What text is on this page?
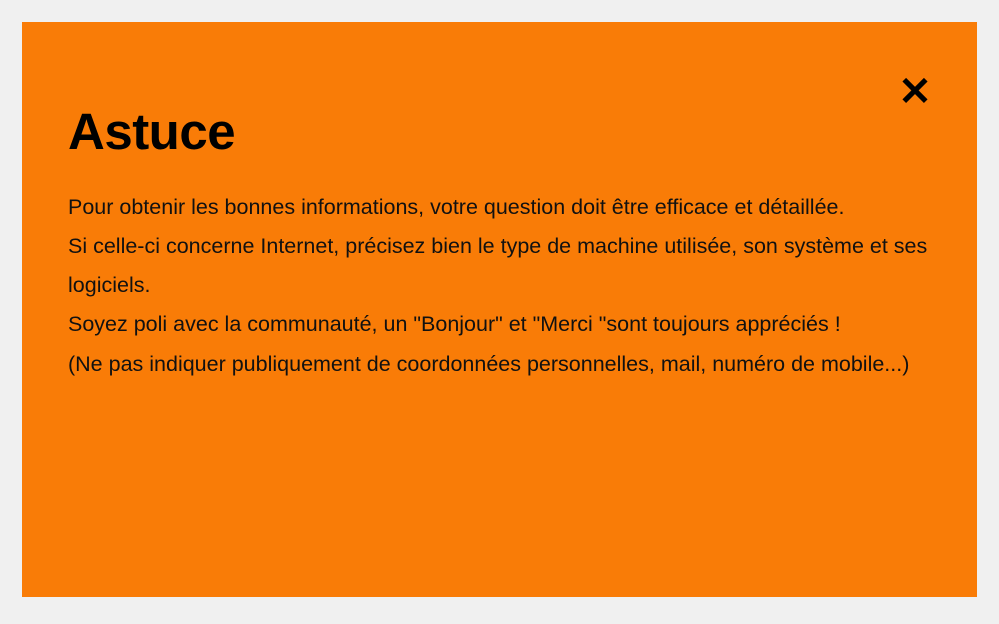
✕
Astuce

Pour obtenir les bonnes informations, votre question doit être efficace et détaillée.

Si celle-ci concerne Internet, précisez bien le type de machine utilisée, son système et ses logiciels.

Soyez poli avec la communauté, un "Bonjour" et "Merci "sont toujours appréciés !

(Ne pas indiquer publiquement de coordonnées personnelles, mail, numéro de mobile...)
